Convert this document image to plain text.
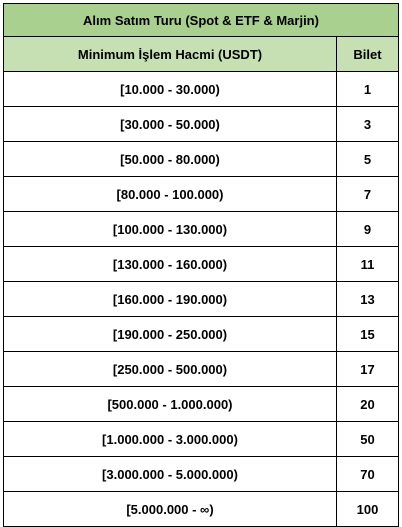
Alım Satım Turu (Spot & ETF & Marjin)	
Minimum İşlem Hacmi (USDT)	Bilet
[10.000 - 30.000)	1
[30.000 - 50.000)	3
[50.000 - 80.000)	5
[80.000 - 100.000)	7
[100.000 - 130.000)	9
[130.000 - 160.000)	11
[160.000 - 190.000)	13
[190.000 - 250.000)	15
[250.000 - 500.000)	17
[500.000 - 1.000.000)	20
[1.000.000 - 3.000.000)	50
[3.000.000 - 5.000.000)	70
[5.000.000 - ∞)	100
